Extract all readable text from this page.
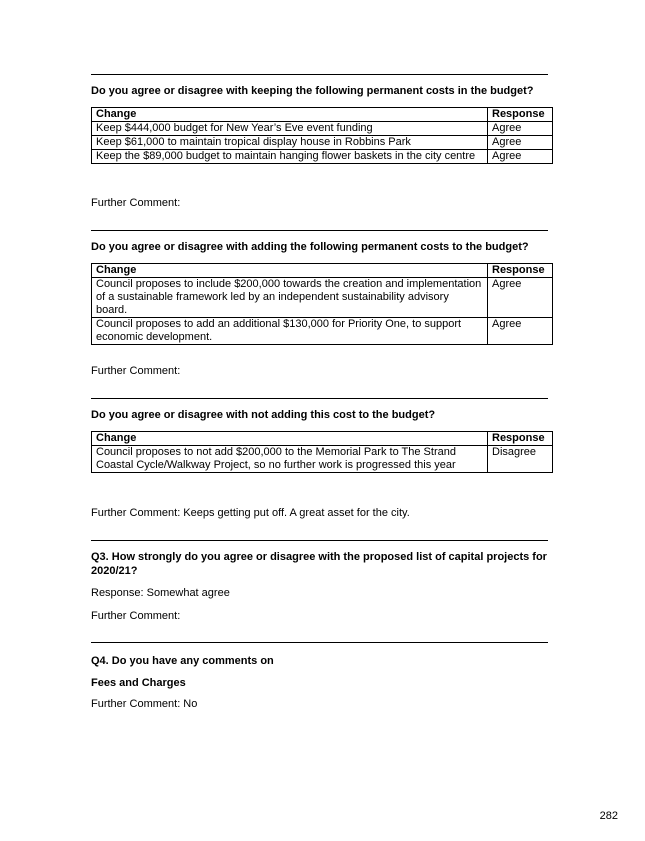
Do you agree or disagree with keeping the following permanent costs in the budget?
Change	Response
Keep $444,000 budget for New Year’s Eve event funding	Agree
Keep $61,000 to maintain tropical display house in Robbins Park	Agree
Keep the $89,000 budget to maintain hanging flower baskets in the city centre	Agree
Further Comment:
Do you agree or disagree with adding the following permanent costs to the budget?
Change	Response
Council proposes to include $200,000 towards the creation and implementation of a sustainable framework led by an independent sustainability advisory board.	Agree
Council proposes to add an additional $130,000 for Priority One, to support economic development.	Agree
Further Comment:
Do you agree or disagree with not adding this cost to the budget?
Change	Response
Council proposes to not add $200,000 to the Memorial Park to The Strand Coastal Cycle/Walkway Project, so no further work is progressed this year	Disagree
Further Comment: Keeps getting put off. A great asset for the city.
Q3. How strongly do you agree or disagree with the proposed list of capital projects for 2020/21?
Response: Somewhat agree
Further Comment:
Q4. Do you have any comments on
Fees and Charges
Further Comment: No
282
